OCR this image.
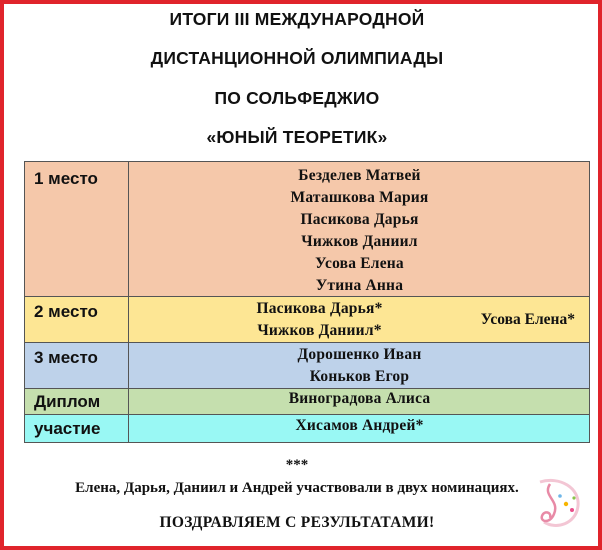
ИТОГИ III МЕЖДУНАРОДНОЙ
ДИСТАНЦИОННОЙ ОЛИМПИАДЫ
ПО СОЛЬФЕДЖИО
«ЮНЫЙ ТЕОРЕТИК»
1 место	Безделев Матвей
Маташкова Мария
Пасикова Дарья
Чижков Даниил
Усова Елена
Утина Анна
2 место	Пасикова Дарья*
Чижков Даниил*
Усова Елена*
3 место	Дорошенко Иван
Коньков Егор
Диплом	Виноградова Алиса
участие	Хисамов Андрей*
***
Елена, Дарья, Даниил и Андрей участвовали в двух номинациях.
ПОЗДРАВЛЯЕМ С РЕЗУЛЬТАТАМИ!
